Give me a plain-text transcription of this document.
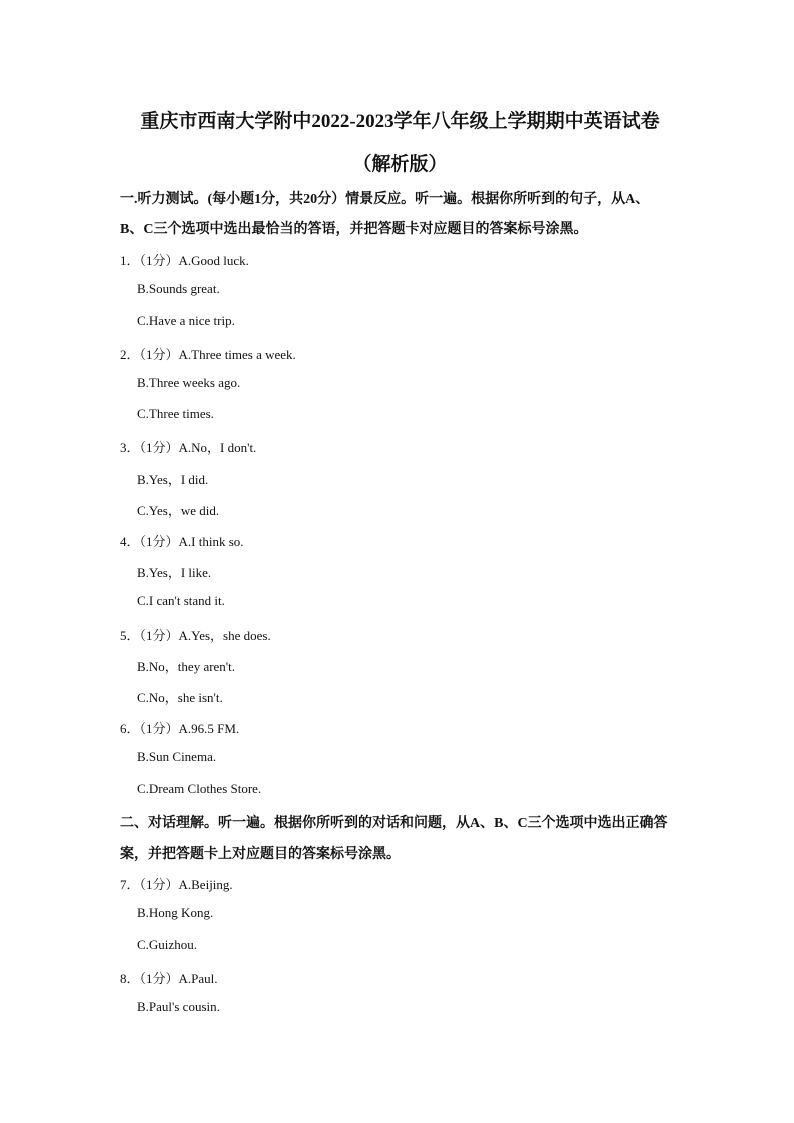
重庆市西南大学附中2022-2023学年八年级上学期期中英语试卷
（解析版）
一.听力测试。(每小题1分，共20分）情景反应。听一遍。根据你所听到的句子，从A、
B、C三个选项中选出最恰当的答语，并把答题卡对应题目的答案标号涂黑。
1．（1分）A.Good luck.
B.Sounds great.
C.Have a nice trip.
2．（1分）A.Three times a week.
B.Three weeks ago.
C.Three times.
3．（1分）A.No，I don't.
B.Yes，I did.
C.Yes，we did.
4．（1分）A.I think so.
B.Yes，I like.
C.I can't stand it.
5．（1分）A.Yes，she does.
B.No，they aren't.
C.No，she isn't.
6．（1分）A.96.5 FM.
B.Sun Cinema.
C.Dream Clothes Store.
二、对话理解。听一遍。根据你所听到的对话和问题，从A、B、C三个选项中选出正确答
案，并把答题卡上对应题目的答案标号涂黑。
7．（1分）A.Beijing.
B.Hong Kong.
C.Guizhou.
8．（1分）A.Paul.
B.Paul's cousin.
